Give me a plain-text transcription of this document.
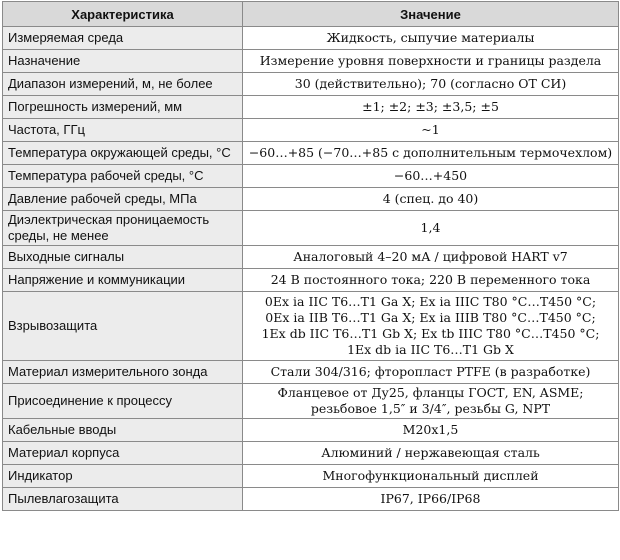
Характеристика	Значение
Измеряемая среда	Жидкость, сыпучие материалы

Назначение	Измерение уровня поверхности и границы раздела

Диапазон измерений, м, не более	30 (действительно); 70 (согласно ОТ СИ)

Погрешность измерений, мм	±1; ±2; ±3; ±3,5; ±5

Частота, ГГц	~1

Температура окружающей среды, °С	−60…+85 (−70…+85 с дополнительным термочехлом)

Температура рабочей среды, °С	−60…+450

Давление рабочей среды, МПа	4 (спец. до 40)

Диэлектрическая проницаемость среды, не менее	1,4

Выходные сигналы	Аналоговый 4–20 мА / цифровой HART v7

Напряжение и коммуникации	24 В постоянного тока; 220 В переменного тока

Взрывозащита	0Ex ia IIC T6…T1 Ga X; Ex ia IIIC T80 °C…T450 °C;
0Ex ia IIB T6…T1 Ga X; Ex ia IIIB T80 °C…T450 °C;
1Ex db IIC T6…T1 Gb X; Ex tb IIIC T80 °C…T450 °C;
1Ex db ia IIC T6…T1 Gb X

Материал измерительного зонда	Стали 304/316; фторопласт PTFE (в разработке)

Присоединение к процессу	Фланцевое от Ду25, фланцы ГОСТ, EN, ASME;
резьбовое 1,5″ и 3/4″, резьбы G, NPT

Кабельные вводы	M20x1,5

Материал корпуса	Алюминий / нержавеющая сталь

Индикатор	Многофункциональный дисплей

Пылевлагозащита	IP67, IP66/IP68
